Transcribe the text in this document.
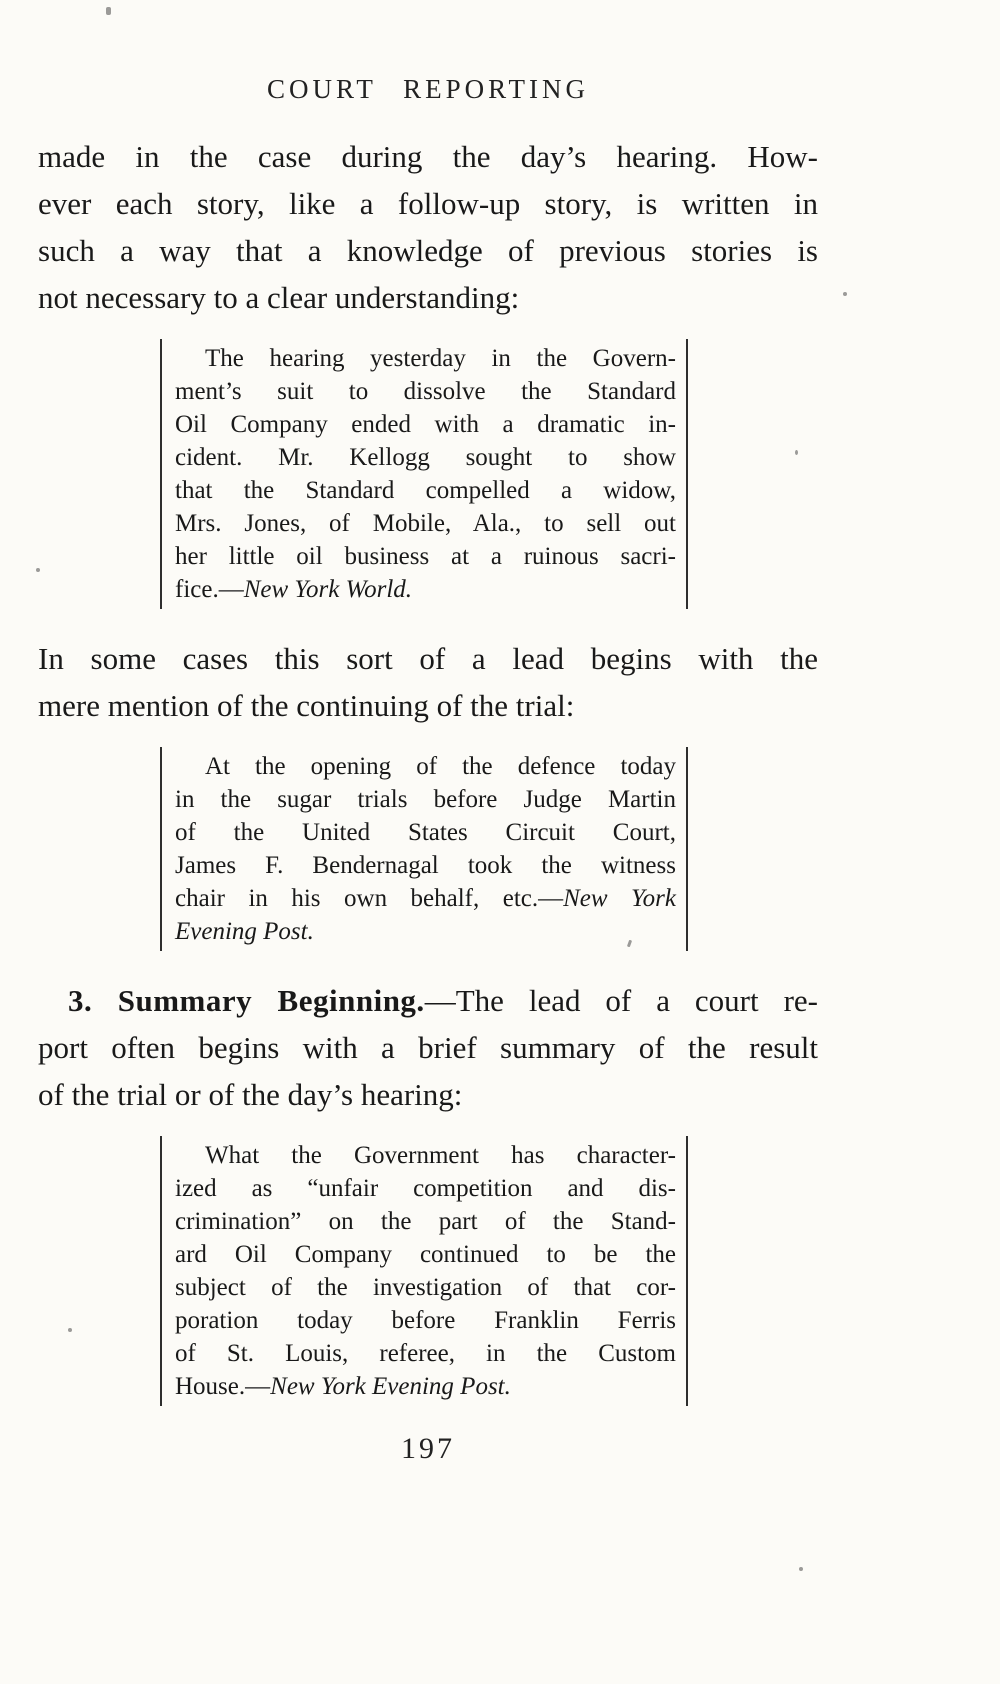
COURT REPORTING
made in the case during the day’s hearing. How-
ever each story, like a follow-up story, is written in
such a way that a knowledge of previous stories is
not necessary to a clear understanding:
The hearing yesterday in the Govern-
ment’s suit to dissolve the Standard
Oil Company ended with a dramatic in-
cident. Mr. Kellogg sought to show
that the Standard compelled a widow,
Mrs. Jones, of Mobile, Ala., to sell out
her little oil business at a ruinous sacri-
fice.—New York World.
In some cases this sort of a lead begins with the
mere mention of the continuing of the trial:
At the opening of the defence today
in the sugar trials before Judge Martin
of the United States Circuit Court,
James F. Bendernagal took the witness
chair in his own behalf, etc.—New York
Evening Post.
3. Summary Beginning.—The lead of a court re-
port often begins with a brief summary of the result
of the trial or of the day’s hearing:
What the Government has character-
ized as “unfair competition and dis-
crimination” on the part of the Stand-
ard Oil Company continued to be the
subject of the investigation of that cor-
poration today before Franklin Ferris
of St. Louis, referee, in the Custom
House.—New York Evening Post.
197
